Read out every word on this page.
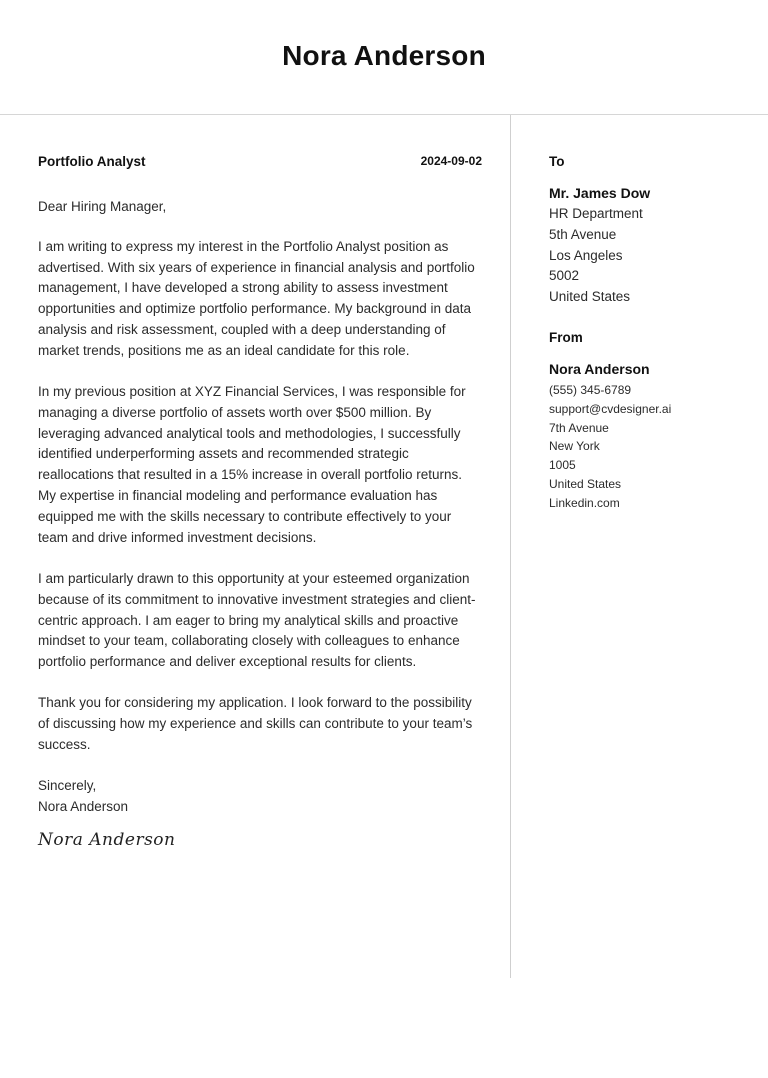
Nora Anderson
Portfolio Analyst	2024-09-02

Dear Hiring Manager,

I am writing to express my interest in the Portfolio Analyst position as advertised. With six years of experience in financial analysis and portfolio management, I have developed a strong ability to assess investment opportunities and optimize portfolio performance. My background in data analysis and risk assessment, coupled with a deep understanding of market trends, positions me as an ideal candidate for this role.

In my previous position at XYZ Financial Services, I was responsible for managing a diverse portfolio of assets worth over $500 million. By leveraging advanced analytical tools and methodologies, I successfully identified underperforming assets and recommended strategic reallocations that resulted in a 15% increase in overall portfolio returns. My expertise in financial modeling and performance evaluation has equipped me with the skills necessary to contribute effectively to your team and drive informed investment decisions.

I am particularly drawn to this opportunity at your esteemed organization because of its commitment to innovative investment strategies and client-centric approach. I am eager to bring my analytical skills and proactive mindset to your team, collaborating closely with colleagues to enhance portfolio performance and deliver exceptional results for clients.

Thank you for considering my application. I look forward to the possibility of discussing how my experience and skills can contribute to your team’s success.

Sincerely,
Nora Anderson
Nora Anderson
To
Mr. James Dow
HR Department
5th Avenue
Los Angeles
5002
United States
From
Nora Anderson
(555) 345-6789
support@cvdesigner.ai
7th Avenue
New York
1005
United States
Linkedin.com
